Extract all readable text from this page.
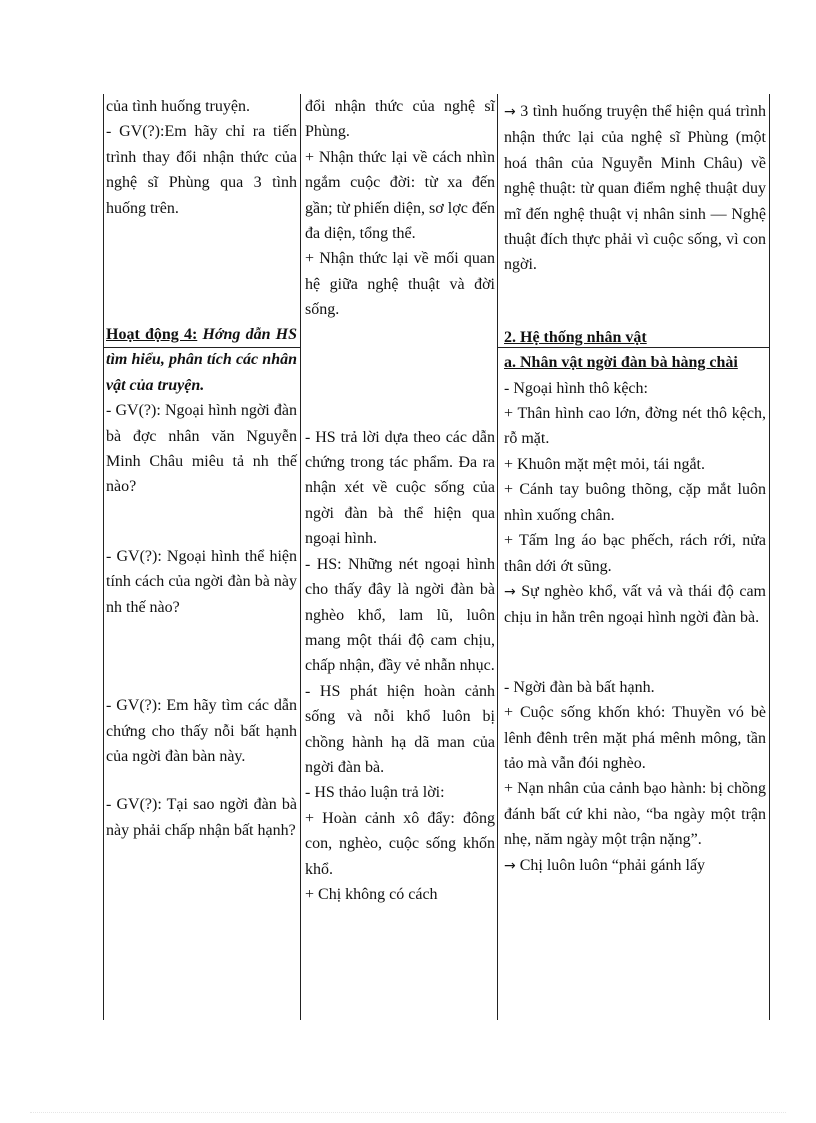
của tình huống truyện.

- GV(?):Em hãy chỉ ra tiến trình thay đổi nhận thức của nghệ sĩ Phùng qua 3 tình huống trên.

Hoạt động 4: Hớng dẫn HS tìm hiểu, phân tích các nhân vật của truyện.

- GV(?): Ngoại hình ngời đàn bà đợc nhân văn Nguyễn Minh Châu miêu tả nh thế nào?

- GV(?): Ngoại hình thể hiện tính cách của ngời đàn bà này nh thế nào?

- GV(?): Em hãy tìm các dẫn chứng cho thấy nỗi bất hạnh của ngời đàn bàn này.

- GV(?): Tại sao ngời đàn bà này phải chấp nhận bất hạnh?

đổi nhận thức của nghệ sĩ Phùng.

+ Nhận thức lại về cách nhìn ngắm cuộc đời: từ xa đến gần; từ phiến diện, sơ lợc đến đa diện, tổng thể.

+ Nhận thức lại về mối quan hệ giữa nghệ thuật và đời sống.

- HS trả lời dựa theo các dẫn chứng trong tác phẩm. Đa ra nhận xét về cuộc sống của ngời đàn bà thể hiện qua ngoại hình.

- HS: Những nét ngoại hình cho thấy đây là ngời đàn bà nghèo khổ, lam lũ, luôn mang một thái độ cam chịu, chấp nhận, đầy vẻ nhẫn nhục.

- HS phát hiện hoàn cảnh sống và nỗi khổ luôn bị chồng hành hạ dã man của ngời đàn bà.

- HS thảo luận trả lời:

+ Hoàn cảnh xô đẩy: đông con, nghèo, cuộc sống khốn khổ.

+ Chị không có cách

→ 3 tình huống truyện thể hiện quá trình nhận thức lại của nghệ sĩ Phùng (một hoá thân của Nguyễn Minh Châu) về nghệ thuật: từ quan điểm nghệ thuật duy mĩ đến nghệ thuật vị nhân sinh — Nghệ thuật đích thực phải vì cuộc sống, vì con ngời.

2. Hệ thống nhân vật

a. Nhân vật ngời đàn bà hàng chài

- Ngoại hình thô kệch:

+ Thân hình cao lớn, đờng nét thô kệch, rỗ mặt.

+ Khuôn mặt mệt mỏi, tái ngắt.

+ Cánh tay buông thõng, cặp mắt luôn nhìn xuống chân.

+ Tấm lng áo bạc phếch, rách rới, nửa thân dới ớt sũng.

→ Sự nghèo khổ, vất vả và thái độ cam chịu in hằn trên ngoại hình ngời đàn bà.

- Ngời đàn bà bất hạnh.

+ Cuộc sống khốn khó: Thuyền vó bè lênh đênh trên mặt phá mênh mông, tần tảo mà vẫn đói nghèo.

+ Nạn nhân của cảnh bạo hành: bị chồng đánh bất cứ khi nào, “ba ngày một trận nhẹ, năm ngày một trận nặng”.

→ Chị luôn luôn “phải gánh lấy
